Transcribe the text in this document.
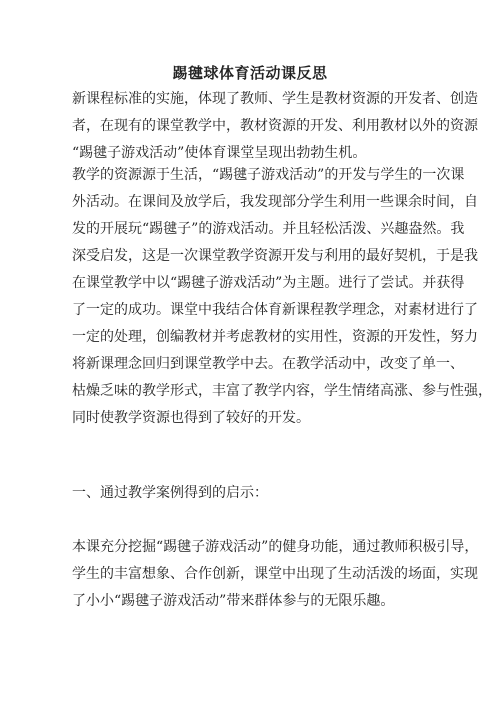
踢毽球体育活动课反思

新课程标准的实施，体现了教师、学生是教材资源的开发者、创造
者，在现有的课堂教学中，教材资源的开发、利用教材以外的资源
“踢毽子游戏活动”使体育课堂呈现出勃勃生机。

教学的资源源于生活，“踢毽子游戏活动”的开发与学生的一次课
外活动。在课间及放学后，我发现部分学生利用一些课余时间，自
发的开展玩“踢毽子”的游戏活动。并且轻松活泼、兴趣盎然。我
深受启发，这是一次课堂教学资源开发与利用的最好契机，于是我
在课堂教学中以“踢毽子游戏活动”为主题。进行了尝试。并获得
了一定的成功。课堂中我结合体育新课程教学理念，对素材进行了
一定的处理，创编教材并考虑教材的实用性，资源的开发性，努力
将新课理念回归到课堂教学中去。在教学活动中，改变了单一、
枯燥乏味的教学形式，丰富了教学内容，学生情绪高涨、参与性强，
同时使教学资源也得到了较好的开发。

一、通过教学案例得到的启示：

本课充分挖掘“踢毽子游戏活动”的健身功能，通过教师积极引导，
学生的丰富想象、合作创新，课堂中出现了生动活泼的场面，实现
了小小“踢毽子游戏活动”带来群体参与的无限乐趣。
